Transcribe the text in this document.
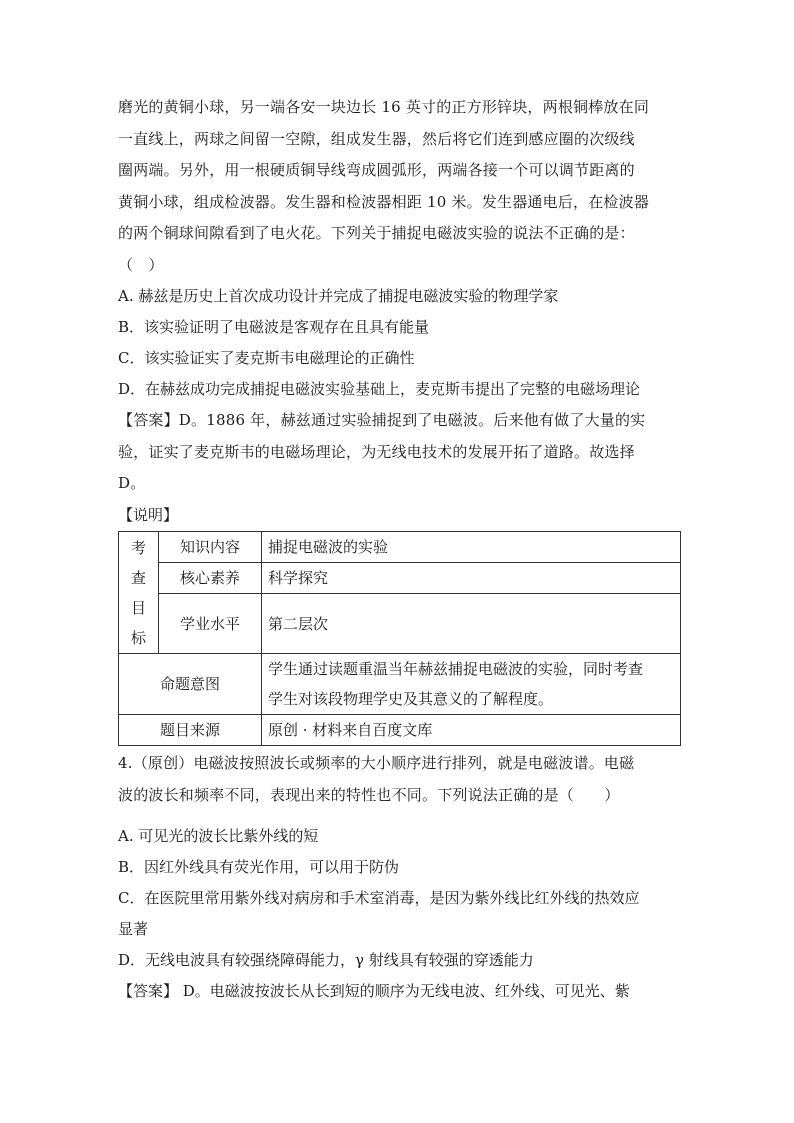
磨光的黄铜小球，另一端各安一块边长 16 英寸的正方形锌块，两根铜棒放在同
一直线上，两球之间留一空隙，组成发生器，然后将它们连到感应圈的次级线
圈两端。另外，用一根硬质铜导线弯成圆弧形，两端各接一个可以调节距离的
黄铜小球，组成检波器。发生器和检波器相距 10 米。发生器通电后，在检波器
的两个铜球间隙看到了电火花。下列关于捕捉电磁波实验的说法不正确的是：
（　）
A. 赫兹是历史上首次成功设计并完成了捕捉电磁波实验的物理学家
B．该实验证明了电磁波是客观存在且具有能量
C．该实验证实了麦克斯韦电磁理论的正确性
D．在赫兹成功完成捕捉电磁波实验基础上，麦克斯韦提出了完整的电磁场理论
【答案】D。1886 年，赫兹通过实验捕捉到了电磁波。后来他有做了大量的实
验，证实了麦克斯韦的电磁场理论，为无线电技术的发展开拓了道路。故选择
D。
【说明】
考
查
目
标	知识内容	捕捉电磁波的实验
	核心素养	科学探究
	学业水平	第二层次
命题意图		学生通过读题重温当年赫兹捕捉电磁波的实验，同时考查
学生对该段物理学史及其意义的了解程度。

题目来源		原创 · 材料来自百度文库
4.（原创）电磁波按照波长或频率的大小顺序进行排列，就是电磁波谱。电磁
波的波长和频率不同，表现出来的特性也不同。下列说法正确的是（　　）
A. 可见光的波长比紫外线的短
B．因红外线具有荧光作用，可以用于防伪
C．在医院里常用紫外线对病房和手术室消毒，是因为紫外线比红外线的热效应
显著
D．无线电波具有较强绕障碍能力，γ 射线具有较强的穿透能力
【答案】 D。电磁波按波长从长到短的顺序为无线电波、红外线、可见光、紫
